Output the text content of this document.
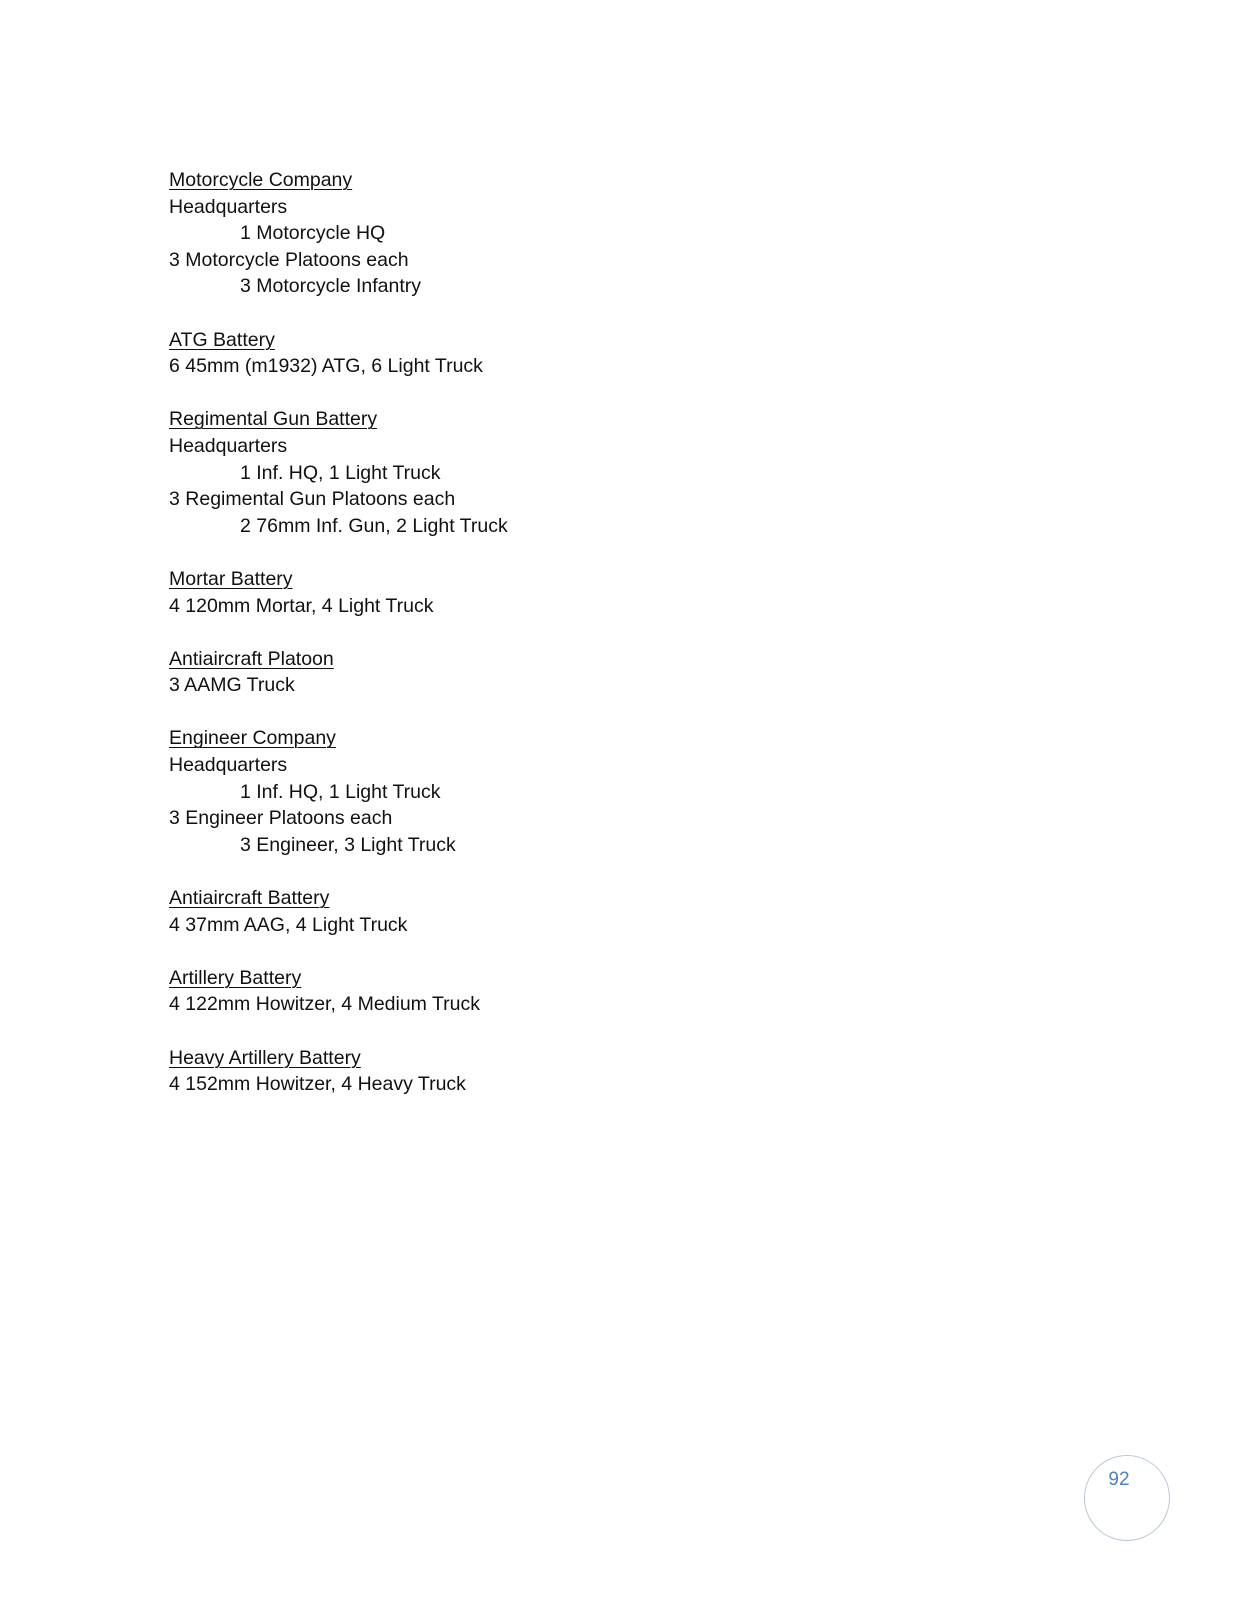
Motorcycle Company
Headquarters
1 Motorcycle HQ
3 Motorcycle Platoons each
3 Motorcycle Infantry
ATG Battery
6 45mm (m1932) ATG, 6 Light Truck
Regimental Gun Battery
Headquarters
1 Inf. HQ, 1 Light Truck
3 Regimental Gun Platoons each
2 76mm Inf. Gun, 2 Light Truck
Mortar Battery
4 120mm Mortar, 4 Light Truck
Antiaircraft Platoon
3 AAMG Truck
Engineer Company
Headquarters
1 Inf. HQ, 1 Light Truck
3 Engineer Platoons each
3 Engineer, 3 Light Truck
Antiaircraft Battery
4 37mm AAG, 4 Light Truck
Artillery Battery
4 122mm Howitzer, 4 Medium Truck
Heavy Artillery Battery
4 152mm Howitzer, 4 Heavy Truck
92
